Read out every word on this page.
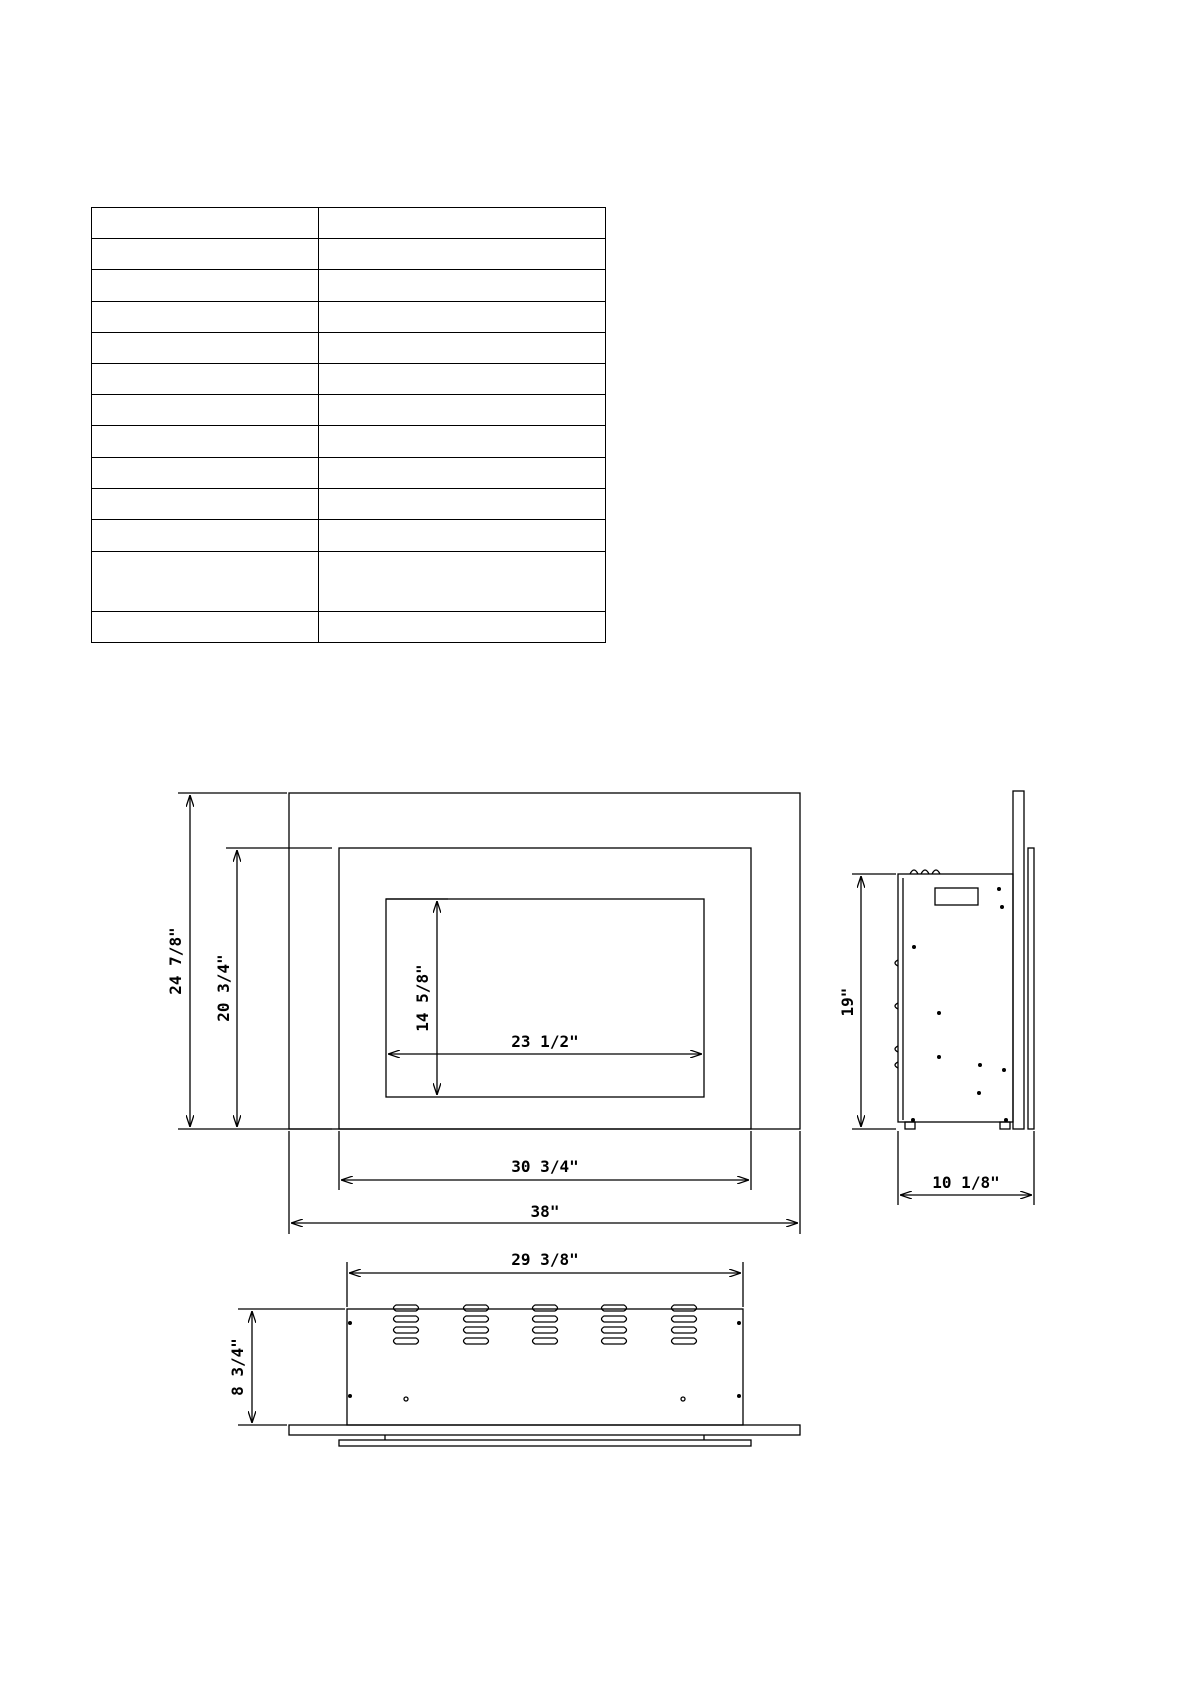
24 7/8" 20 3/4"	14 5/8"
23 1/2"
30 3/4"
38"
19"
10 1/8"
29 3/8"
8 3/4"
